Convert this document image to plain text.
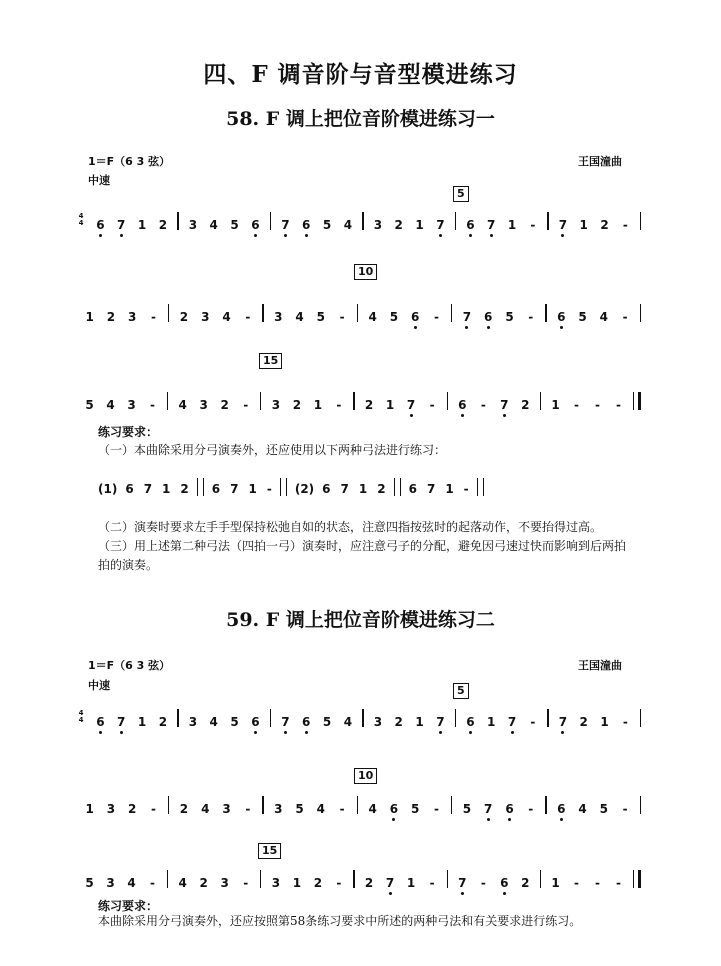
四、F 调音阶与音型模进练习
58. F 调上把位音阶模进练习一
1＝F（6 3 弦）	王国潼曲
中速
4
4
5
10
15
6 7 1 2 3 4 5 6 7 6 5 4 3 2 1 7 6 7 1 - 7 1 2 -
1 2 3 - 2 3 4 - 3 4 5 - 4 5 6 - 7 6 5 - 6 5 4 -
5 4 3 - 4 3 2 - 3 2 1 - 2 1 7 - 6 - 7 2 1 - - -
练习要求：
（一）本曲除采用分弓演奏外，还应使用以下两种弓法进行练习：
(1) 6 7 1 2 6 7 1 - (2) 6 7 1 2 6 7 1 -
（二）演奏时要求左手手型保持松弛自如的状态，注意四指按弦时的起落动作，不要抬得过高。
（三）用上述第二种弓法（四拍一弓）演奏时，应注意弓子的分配，避免因弓速过快而影响到后两拍拍的演奏。
59. F 调上把位音阶模进练习二
1＝F（6 3 弦）	王国潼曲
中速
4
4
5
10
15
6 7 1 2 3 4 5 6 7 6 5 4 3 2 1 7 6 1 7 - 7 2 1 -
1 3 2 - 2 4 3 - 3 5 4 - 4 6 5 - 5 7 6 - 6 4 5 -
5 3 4 - 4 2 3 - 3 1 2 - 2 7 1 - 7 - 6 2 1 - - -
练习要求：
本曲除采用分弓演奏外，还应按照第58条练习要求中所述的两种弓法和有关要求进行练习。
